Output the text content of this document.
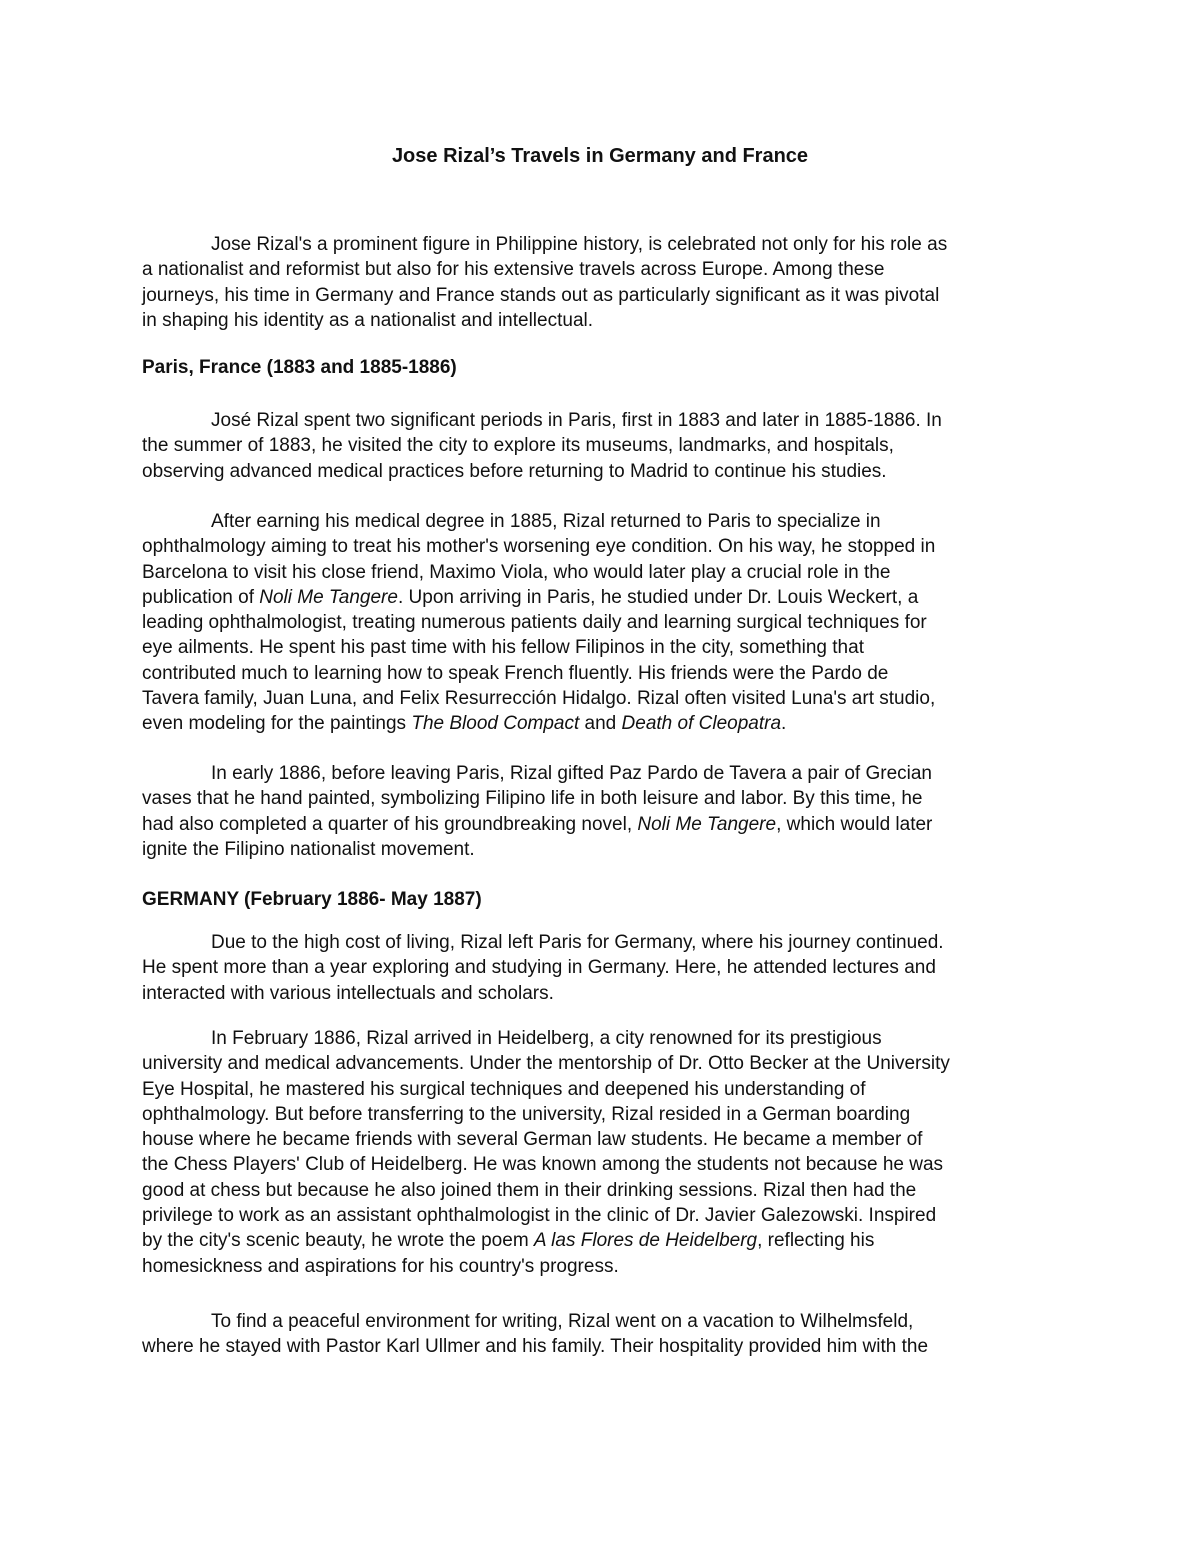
Jose Rizal’s Travels in Germany and France

Jose Rizal's a prominent figure in Philippine history, is celebrated not only for his role as
a nationalist and reformist but also for his extensive travels across Europe. Among these
journeys, his time in Germany and France stands out as particularly significant as it was pivotal
in shaping his identity as a nationalist and intellectual.

Paris, France (1883 and 1885-1886)

José Rizal spent two significant periods in Paris, first in 1883 and later in 1885-1886. In
the summer of 1883, he visited the city to explore its museums, landmarks, and hospitals,
observing advanced medical practices before returning to Madrid to continue his studies.

After earning his medical degree in 1885, Rizal returned to Paris to specialize in
ophthalmology aiming to treat his mother's worsening eye condition. On his way, he stopped in
Barcelona to visit his close friend, Maximo Viola, who would later play a crucial role in the
publication of Noli Me Tangere. Upon arriving in Paris, he studied under Dr. Louis Weckert, a
leading ophthalmologist, treating numerous patients daily and learning surgical techniques for
eye ailments. He spent his past time with his fellow Filipinos in the city, something that
contributed much to learning how to speak French fluently. His friends were the Pardo de
Tavera family, Juan Luna, and Felix Resurrección Hidalgo. Rizal often visited Luna's art studio,
even modeling for the paintings The Blood Compact and Death of Cleopatra.

In early 1886, before leaving Paris, Rizal gifted Paz Pardo de Tavera a pair of Grecian
vases that he hand painted, symbolizing Filipino life in both leisure and labor. By this time, he
had also completed a quarter of his groundbreaking novel, Noli Me Tangere, which would later
ignite the Filipino nationalist movement.

GERMANY (February 1886- May 1887)

Due to the high cost of living, Rizal left Paris for Germany, where his journey continued.
He spent more than a year exploring and studying in Germany. Here, he attended lectures and
interacted with various intellectuals and scholars.

In February 1886, Rizal arrived in Heidelberg, a city renowned for its prestigious
university and medical advancements. Under the mentorship of Dr. Otto Becker at the University
Eye Hospital, he mastered his surgical techniques and deepened his understanding of
ophthalmology. But before transferring to the university, Rizal resided in a German boarding
house where he became friends with several German law students. He became a member of
the Chess Players' Club of Heidelberg. He was known among the students not because he was
good at chess but because he also joined them in their drinking sessions. Rizal then had the
privilege to work as an assistant ophthalmologist in the clinic of Dr. Javier Galezowski. Inspired
by the city's scenic beauty, he wrote the poem A las Flores de Heidelberg, reflecting his
homesickness and aspirations for his country's progress.

To find a peaceful environment for writing, Rizal went on a vacation to Wilhelmsfeld,
where he stayed with Pastor Karl Ullmer and his family. Their hospitality provided him with the
